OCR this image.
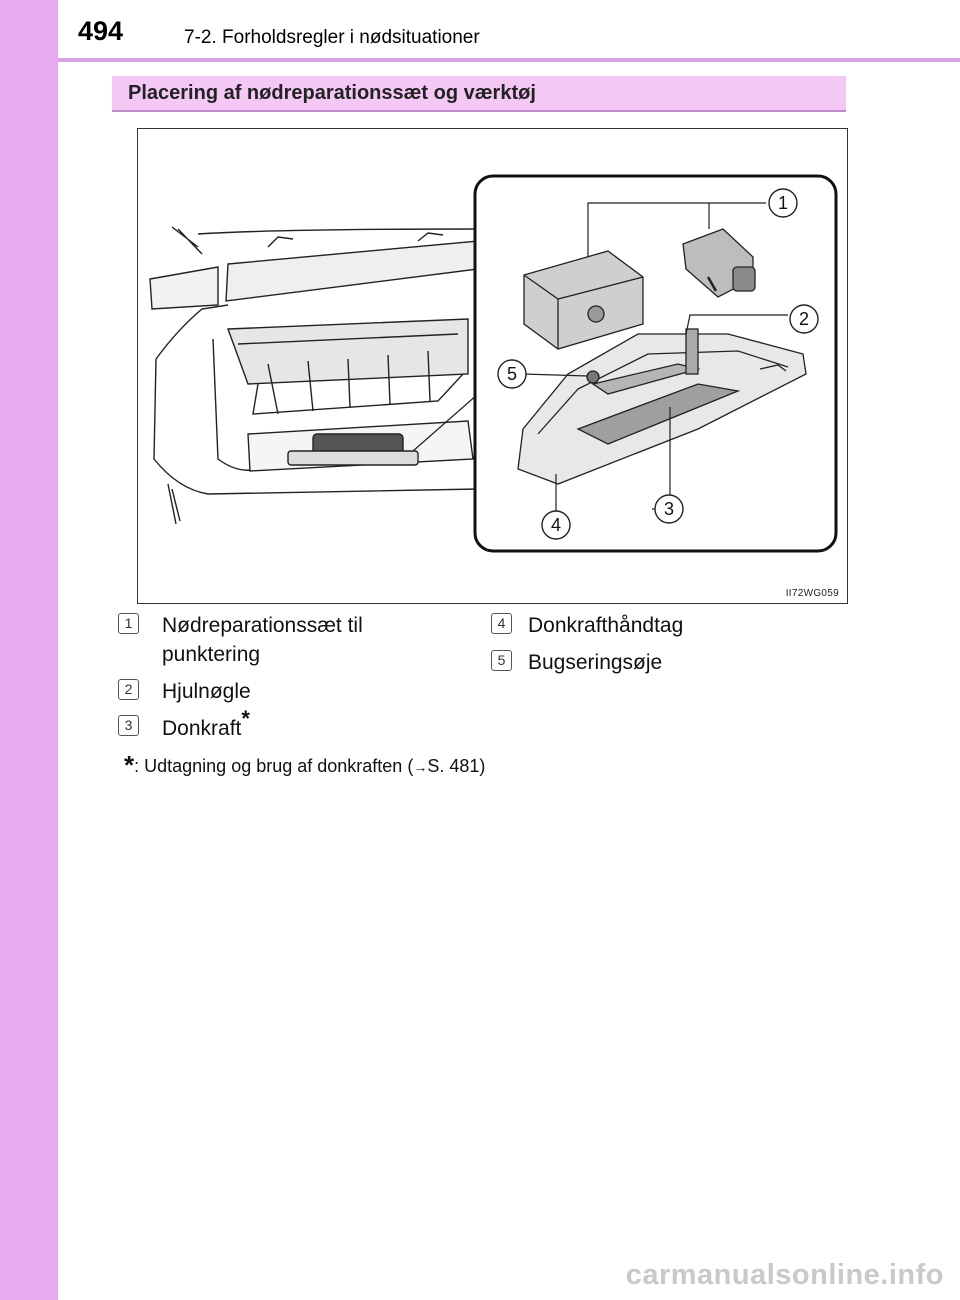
494	7-2. Forholdsregler i nødsituationer
Placering af nødreparationssæt og værktøj
1
2
3
4
5
II72WG059
1	Nødreparationssæt til
punktering
2	Hjulnøgle
3	Donkraft*
4	Donkrafthåndtag
5	Bugseringsøje
*: Udtagning og brug af donkraften (→S. 481)
carmanualsonline.info
